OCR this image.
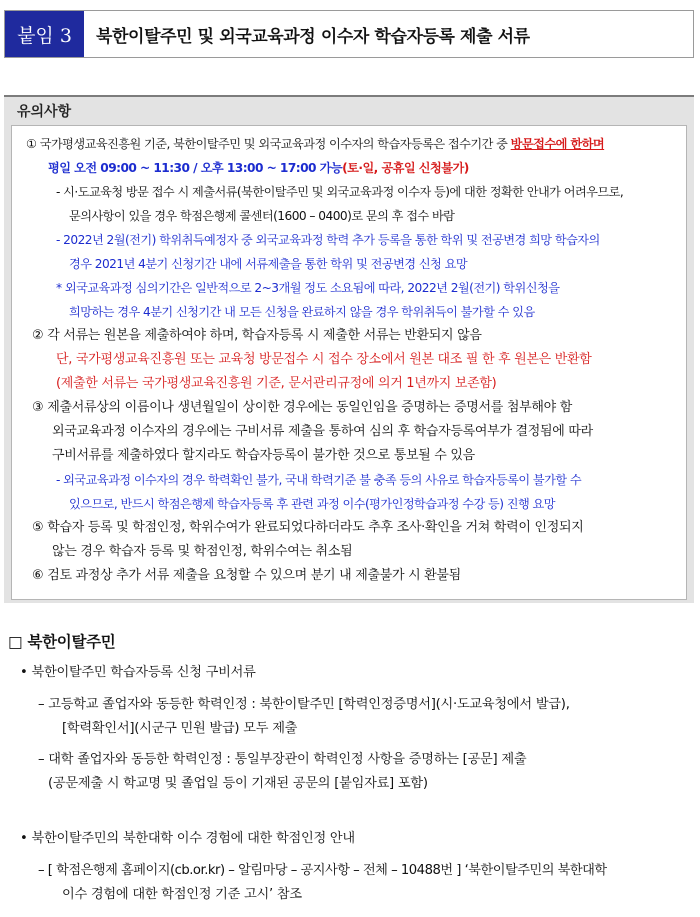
붙임 3	북한이탈주민 및 외국교육과정 이수자 학습자등록 제출 서류
유의사항
① 국가평생교육진흥원 기준, 북한이탈주민 및 외국교육과정 이수자의 학습자등록은 접수기간 중 방문접수에 한하며
평일 오전 09:00 ~ 11:30 / 오후 13:00 ~ 17:00 가능(토·일, 공휴일 신청불가)
- 시·도교육청 방문 접수 시 제출서류(북한이탈주민 및 외국교육과정 이수자 등)에 대한 정확한 안내가 어려우므로,
문의사항이 있을 경우 학점은행제 콜센터(1600 – 0400)로 문의 후 접수 바람
- 2022년 2월(전기) 학위취득예정자 중 외국교육과정 학력 추가 등록을 통한 학위 및 전공변경 희망 학습자의
경우 2021년 4분기 신청기간 내에 서류제출을 통한 학위 및 전공변경 신청 요망
* 외국교육과정 심의기간은 일반적으로 2~3개월 정도 소요됨에 따라, 2022년 2월(전기) 학위신청을
희망하는 경우 4분기 신청기간 내 모든 신청을 완료하지 않을 경우 학위취득이 불가할 수 있음
② 각 서류는 원본을 제출하여야 하며, 학습자등록 시 제출한 서류는 반환되지 않음
단, 국가평생교육진흥원 또는 교육청 방문접수 시 접수 장소에서 원본 대조 필 한 후 원본은 반환함
(제출한 서류는 국가평생교육진흥원 기준, 문서관리규정에 의거 1년까지 보존함)
③ 제출서류상의 이름이나 생년월일이 상이한 경우에는 동일인임을 증명하는 증명서를 첨부해야 함
외국교육과정 이수자의 경우에는 구비서류 제출을 통하여 심의 후 학습자등록여부가 결정됨에 따라
구비서류를 제출하였다 할지라도 학습자등록이 불가한 것으로 통보될 수 있음
- 외국교육과정 이수자의 경우 학력확인 불가, 국내 학력기준 불 충족 등의 사유로 학습자등록이 불가할 수
있으므로, 반드시 학점은행제 학습자등록 후 관련 과정 이수(평가인정학습과정 수강 등) 진행 요망
⑤ 학습자 등록 및 학점인정, 학위수여가 완료되었다하더라도 추후 조사·확인을 거쳐 학력이 인정되지
않는 경우 학습자 등록 및 학점인정, 학위수여는 취소됨
⑥ 검토 과정상 추가 서류 제출을 요청할 수 있으며 분기 내 제출불가 시 환불됨
□ 북한이탈주민
• 북한이탈주민 학습자등록 신청 구비서류
– 고등학교 졸업자와 동등한 학력인정 : 북한이탈주민 [학력인정증명서](시·도교육청에서 발급),
[학력확인서](시군구 민원 발급) 모두 제출
– 대학 졸업자와 동등한 학력인정 : 통일부장관이 학력인정 사항을 증명하는 [공문] 제출
(공문제출 시 학교명 및 졸업일 등이 기재된 공문의 [붙임자료] 포함)
• 북한이탈주민의 북한대학 이수 경험에 대한 학점인정 안내
– [ 학점은행제 홈페이지(cb.or.kr) – 알림마당 – 공지사항 – 전체 – 10488번 ] ‘북한이탈주민의 북한대학
이수 경험에 대한 학점인정 기준 고시’ 참조
